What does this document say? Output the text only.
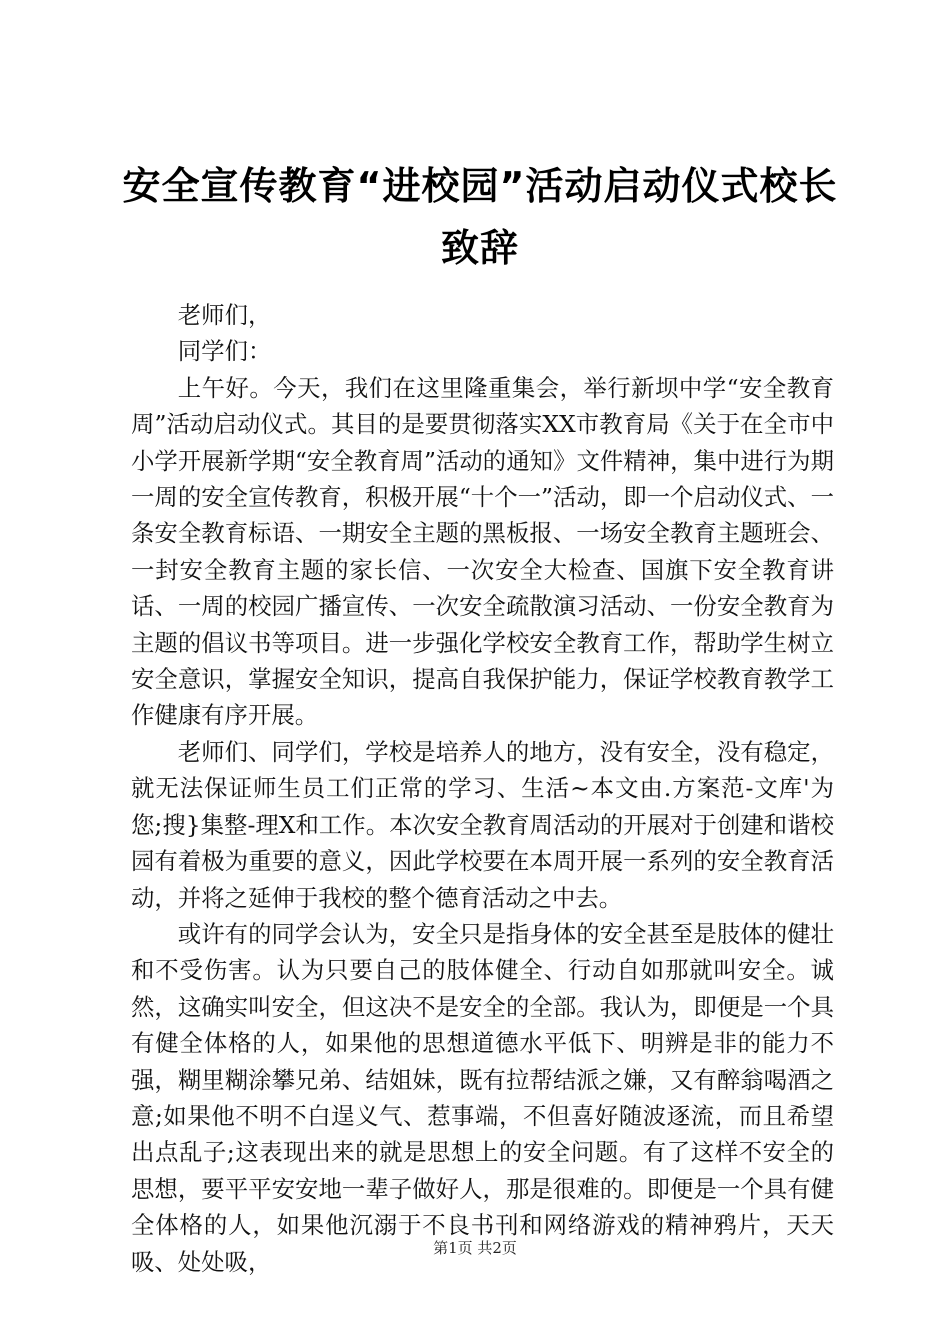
安全宣传教育“进校园”活动启动仪式校长致辞

老师们，

同学们：

上午好。今天，我们在这里隆重集会，举行新坝中学“安全教育周”活动启动仪式。其目的是要贯彻落实XX市教育局《关于在全市中小学开展新学期“安全教育周”活动的通知》文件精神，集中进行为期一周的安全宣传教育，积极开展“十个一”活动，即一个启动仪式、一条安全教育标语、一期安全主题的黑板报、一场安全教育主题班会、一封安全教育主题的家长信、一次安全大检查、国旗下安全教育讲话、一周的校园广播宣传、一次安全疏散演习活动、一份安全教育为主题的倡议书等项目。进一步强化学校安全教育工作，帮助学生树立安全意识，掌握安全知识，提高自我保护能力，保证学校教育教学工作健康有序开展。

老师们、同学们，学校是培养人的地方，没有安全，没有稳定，就无法保证师生员工们正常的学习、生活~本文由.方案范-文库'为您;搜}集整-理X和工作。本次安全教育周活动的开展对于创建和谐校园有着极为重要的意义，因此学校要在本周开展一系列的安全教育活动，并将之延伸于我校的整个德育活动之中去。

或许有的同学会认为，安全只是指身体的安全甚至是肢体的健壮和不受伤害。认为只要自己的肢体健全、行动自如那就叫安全。诚然，这确实叫安全，但这决不是安全的全部。我认为，即便是一个具有健全体格的人，如果他的思想道德水平低下、明辨是非的能力不强，糊里糊涂攀兄弟、结姐妹，既有拉帮结派之嫌，又有醉翁喝酒之意;如果他不明不白逞义气、惹事端，不但喜好随波逐流，而且希望出点乱子;这表现出来的就是思想上的安全问题。有了这样不安全的思想，要平平安安地一辈子做好人，那是很难的。即便是一个具有健全体格的人，如果他沉溺于不良书刊和网络游戏的精神鸦片，天天吸、处处吸，	第1页 共2页
